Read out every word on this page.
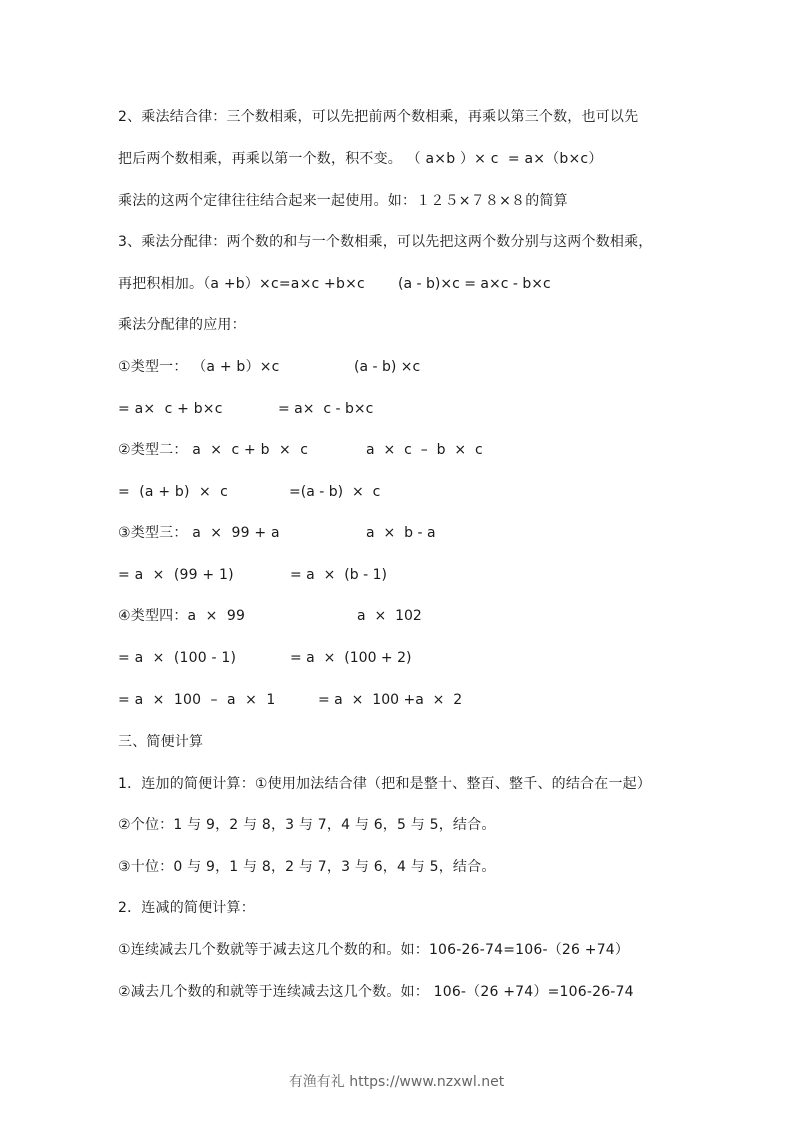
2、乘法结合律：三个数相乘，可以先把前两个数相乘，再乘以第三个数，也可以先
把后两个数相乘，再乘以第一个数，积不变。 （ a×b ）× c  = a×（b×c）
乘法的这两个定律往往结合起来一起使用。如：１２５×７８×８的简算
3、乘法分配律：两个数的和与一个数相乘，可以先把这两个数分别与这两个数相乘，
再把积相加。（a +b）×c=a×c +b×c (a - b)×c = a×c - b×c
乘法分配律的应用：
①类型一： （a + b）×c	(a - b) ×c
= a×  c + b×c	= a×  c - b×c
②类型二： a  ×  c + b  ×  c	a  ×  c  –  b  ×  c
=  (a + b)  ×  c	=(a - b)  ×  c
③类型三： a  ×  99 + a	a  ×  b - a
= a  ×  (99 + 1)	= a  ×  (b - 1)
④类型四：a  ×  99	a  ×  102
= a  ×  (100 - 1)	= a  ×  (100 + 2)
= a  ×  100  –  a  ×  1	= a  ×  100 +a  ×  2
三、简便计算
1．连加的简便计算：①使用加法结合律（把和是整十、整百、整千、的结合在一起）
②个位：1 与 9，2 与 8，3 与 7，4 与 6，5 与 5，结合。
③十位：0 与 9，1 与 8，2 与 7，3 与 6，4 与 5，结合。
2．连减的简便计算：
①连续减去几个数就等于减去这几个数的和。如：106-26-74=106-（26 +74）
②减去几个数的和就等于连续减去这几个数。如： 106-（26 +74）=106-26-74
有渔有礼 https://www.nzxwl.net
